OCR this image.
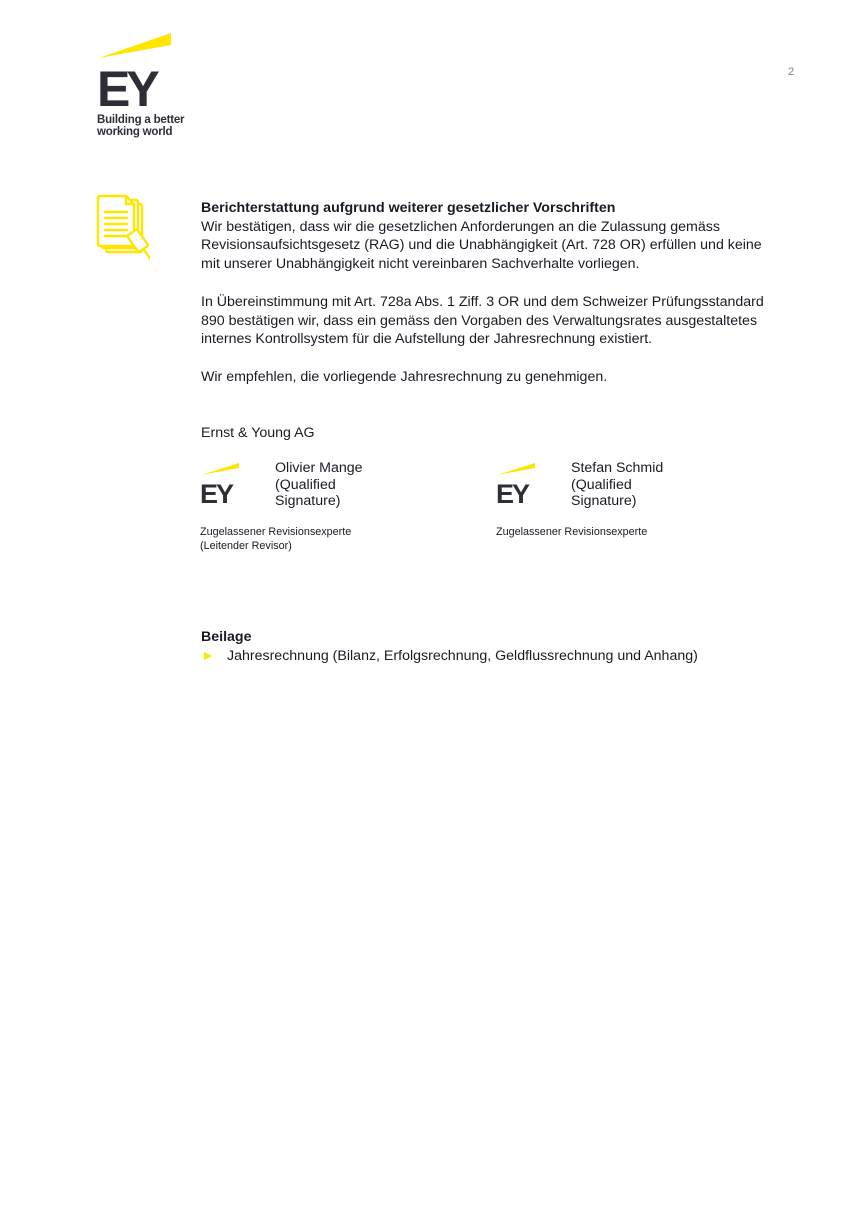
EY
Building a better
working world
2

Berichterstattung aufgrund weiterer gesetzlicher Vorschriften

Wir bestätigen, dass wir die gesetzlichen Anforderungen an die Zulassung gemäss

Revisionsaufsichtsgesetz (RAG) und die Unabhängigkeit (Art. 728 OR) erfüllen und keine

mit unserer Unabhängigkeit nicht vereinbaren Sachverhalte vorliegen.

In Übereinstimmung mit Art. 728a Abs. 1 Ziff. 3 OR und dem Schweizer Prüfungsstandard

890 bestätigen wir, dass ein gemäss den Vorgaben des Verwaltungsrates ausgestaltetes

internes Kontrollsystem für die Aufstellung der Jahresrechnung existiert.

Wir empfehlen, die vorliegende Jahresrechnung zu genehmigen.

Ernst & Young AG
EY
Olivier Mange
(Qualified
Signature)
Zugelassener Revisionsexperte
(Leitender Revisor)
EY
Stefan Schmid
(Qualified
Signature)
Zugelassener Revisionsexperte
Beilage
Jahresrechnung (Bilanz, Erfolgsrechnung, Geldflussrechnung und Anhang)
